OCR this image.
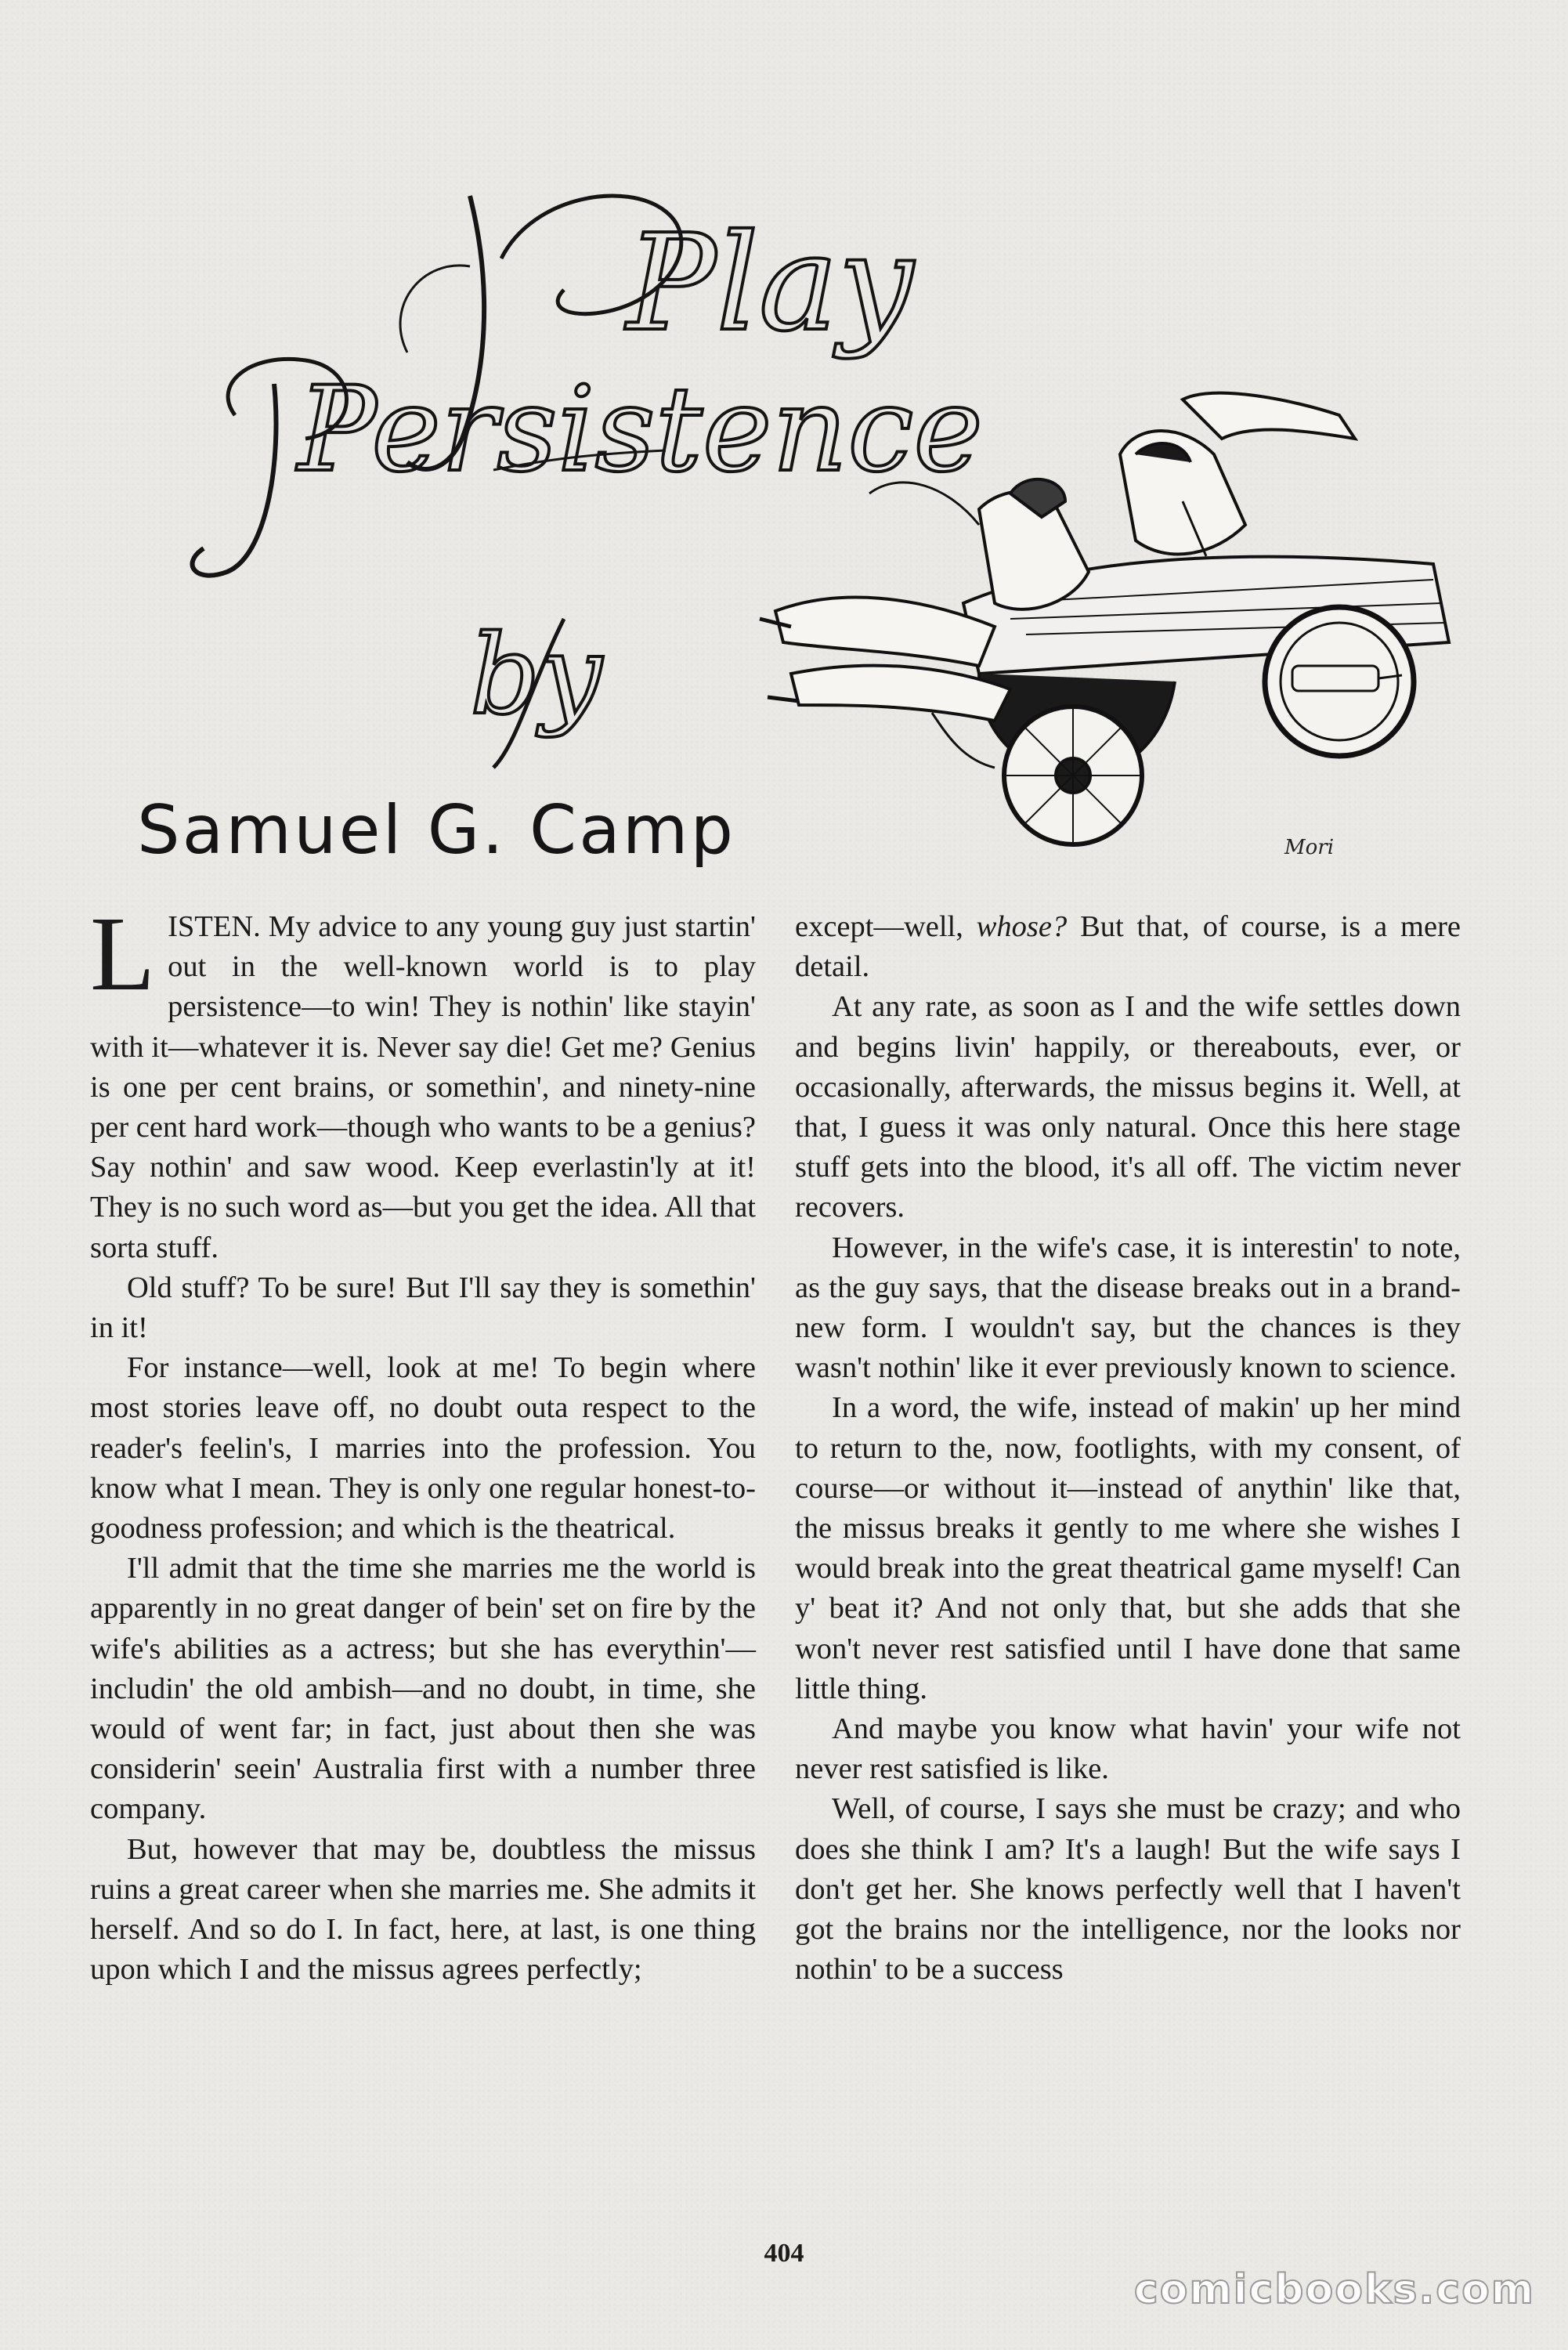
Play
Persistence
by
Samuel G. Camp	Mori

LISTEN. My advice to any young guy just startin' out in the well-known world is to play persistence—to win! They is nothin' like stayin' with it—whatever it is. Never say die! Get me? Genius is one per cent brains, or somethin', and ninety-nine per cent hard work—though who wants to be a genius? Say nothin' and saw wood. Keep everlastin'ly at it! They is no such word as—but you get the idea. All that sorta stuff.

Old stuff? To be sure! But I'll say they is somethin' in it!

For instance—well, look at me! To begin where most stories leave off, no doubt outa respect to the reader's feelin's, I marries into the profession. You know what I mean. They is only one regular honest-to-goodness profession; and which is the theatrical.

I'll admit that the time she marries me the world is apparently in no great danger of bein' set on fire by the wife's abilities as a actress; but she has everythin'—includin' the old ambish—and no doubt, in time, she would of went far; in fact, just about then she was considerin' seein' Australia first with a number three company.

But, however that may be, doubtless the missus ruins a great career when she marries me. She admits it herself. And so do I. In fact, here, at last, is one thing upon which I and the missus agrees perfectly;

except—well, whose? But that, of course, is a mere detail.

At any rate, as soon as I and the wife settles down and begins livin' happily, or thereabouts, ever, or occasionally, afterwards, the missus begins it. Well, at that, I guess it was only natural. Once this here stage stuff gets into the blood, it's all off. The victim never recovers.

However, in the wife's case, it is interestin' to note, as the guy says, that the disease breaks out in a brand-new form. I wouldn't say, but the chances is they wasn't nothin' like it ever previously known to science.

In a word, the wife, instead of makin' up her mind to return to the, now, footlights, with my consent, of course—or without it—instead of anythin' like that, the missus breaks it gently to me where she wishes I would break into the great theatrical game myself! Can y' beat it? And not only that, but she adds that she won't never rest satisfied until I have done that same little thing.

And maybe you know what havin' your wife not never rest satisfied is like.

Well, of course, I says she must be crazy; and who does she think I am? It's a laugh! But the wife says I don't get her. She knows perfectly well that I haven't got the brains nor the intelligence, nor the looks nor nothin' to be a success

404
comicbooks.com
